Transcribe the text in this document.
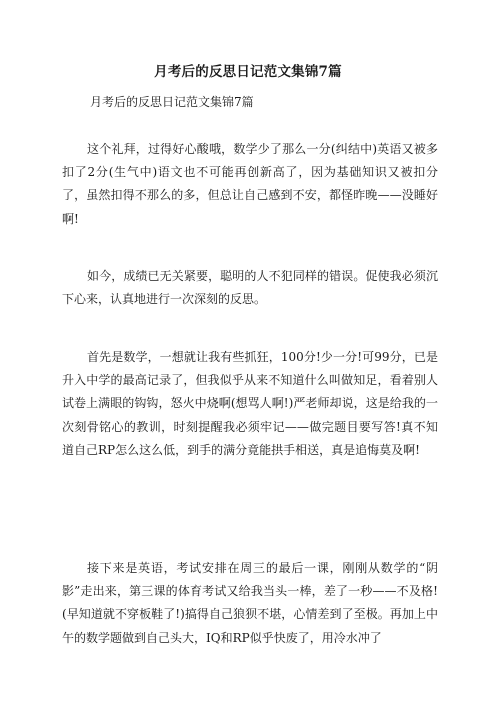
月考后的反思日记范文集锦7篇
月考后的反思日记范文集锦7篇

这个礼拜，过得好心酸哦，数学少了那么一分(纠结中)英语又被多扣了2分(生气中)语文也不可能再创新高了，因为基础知识又被扣分了，虽然扣得不那么的多，但总让自己感到不安，都怪昨晚——没睡好啊!

如今，成绩已无关紧要，聪明的人不犯同样的错误。促使我必须沉下心来，认真地进行一次深刻的反思。

首先是数学，一想就让我有些抓狂，100分!少一分!可99分，已是升入中学的最高记录了，但我似乎从来不知道什么叫做知足，看着别人试卷上满眼的钩钩，怒火中烧啊(想骂人啊!)严老师却说，这是给我的一次刻骨铭心的教训，时刻提醒我必须牢记——做完题目要写答!真不知道自己RP怎么这么低，到手的满分竟能拱手相送，真是追悔莫及啊!

接下来是英语，考试安排在周三的最后一课，刚刚从数学的“阴影”走出来，第三课的体育考试又给我当头一棒，差了一秒——不及格!(早知道就不穿板鞋了!)搞得自己狼狈不堪，心情差到了至极。再加上中午的数学题做到自己头大，IQ和RP似乎快废了，用冷水冲了
